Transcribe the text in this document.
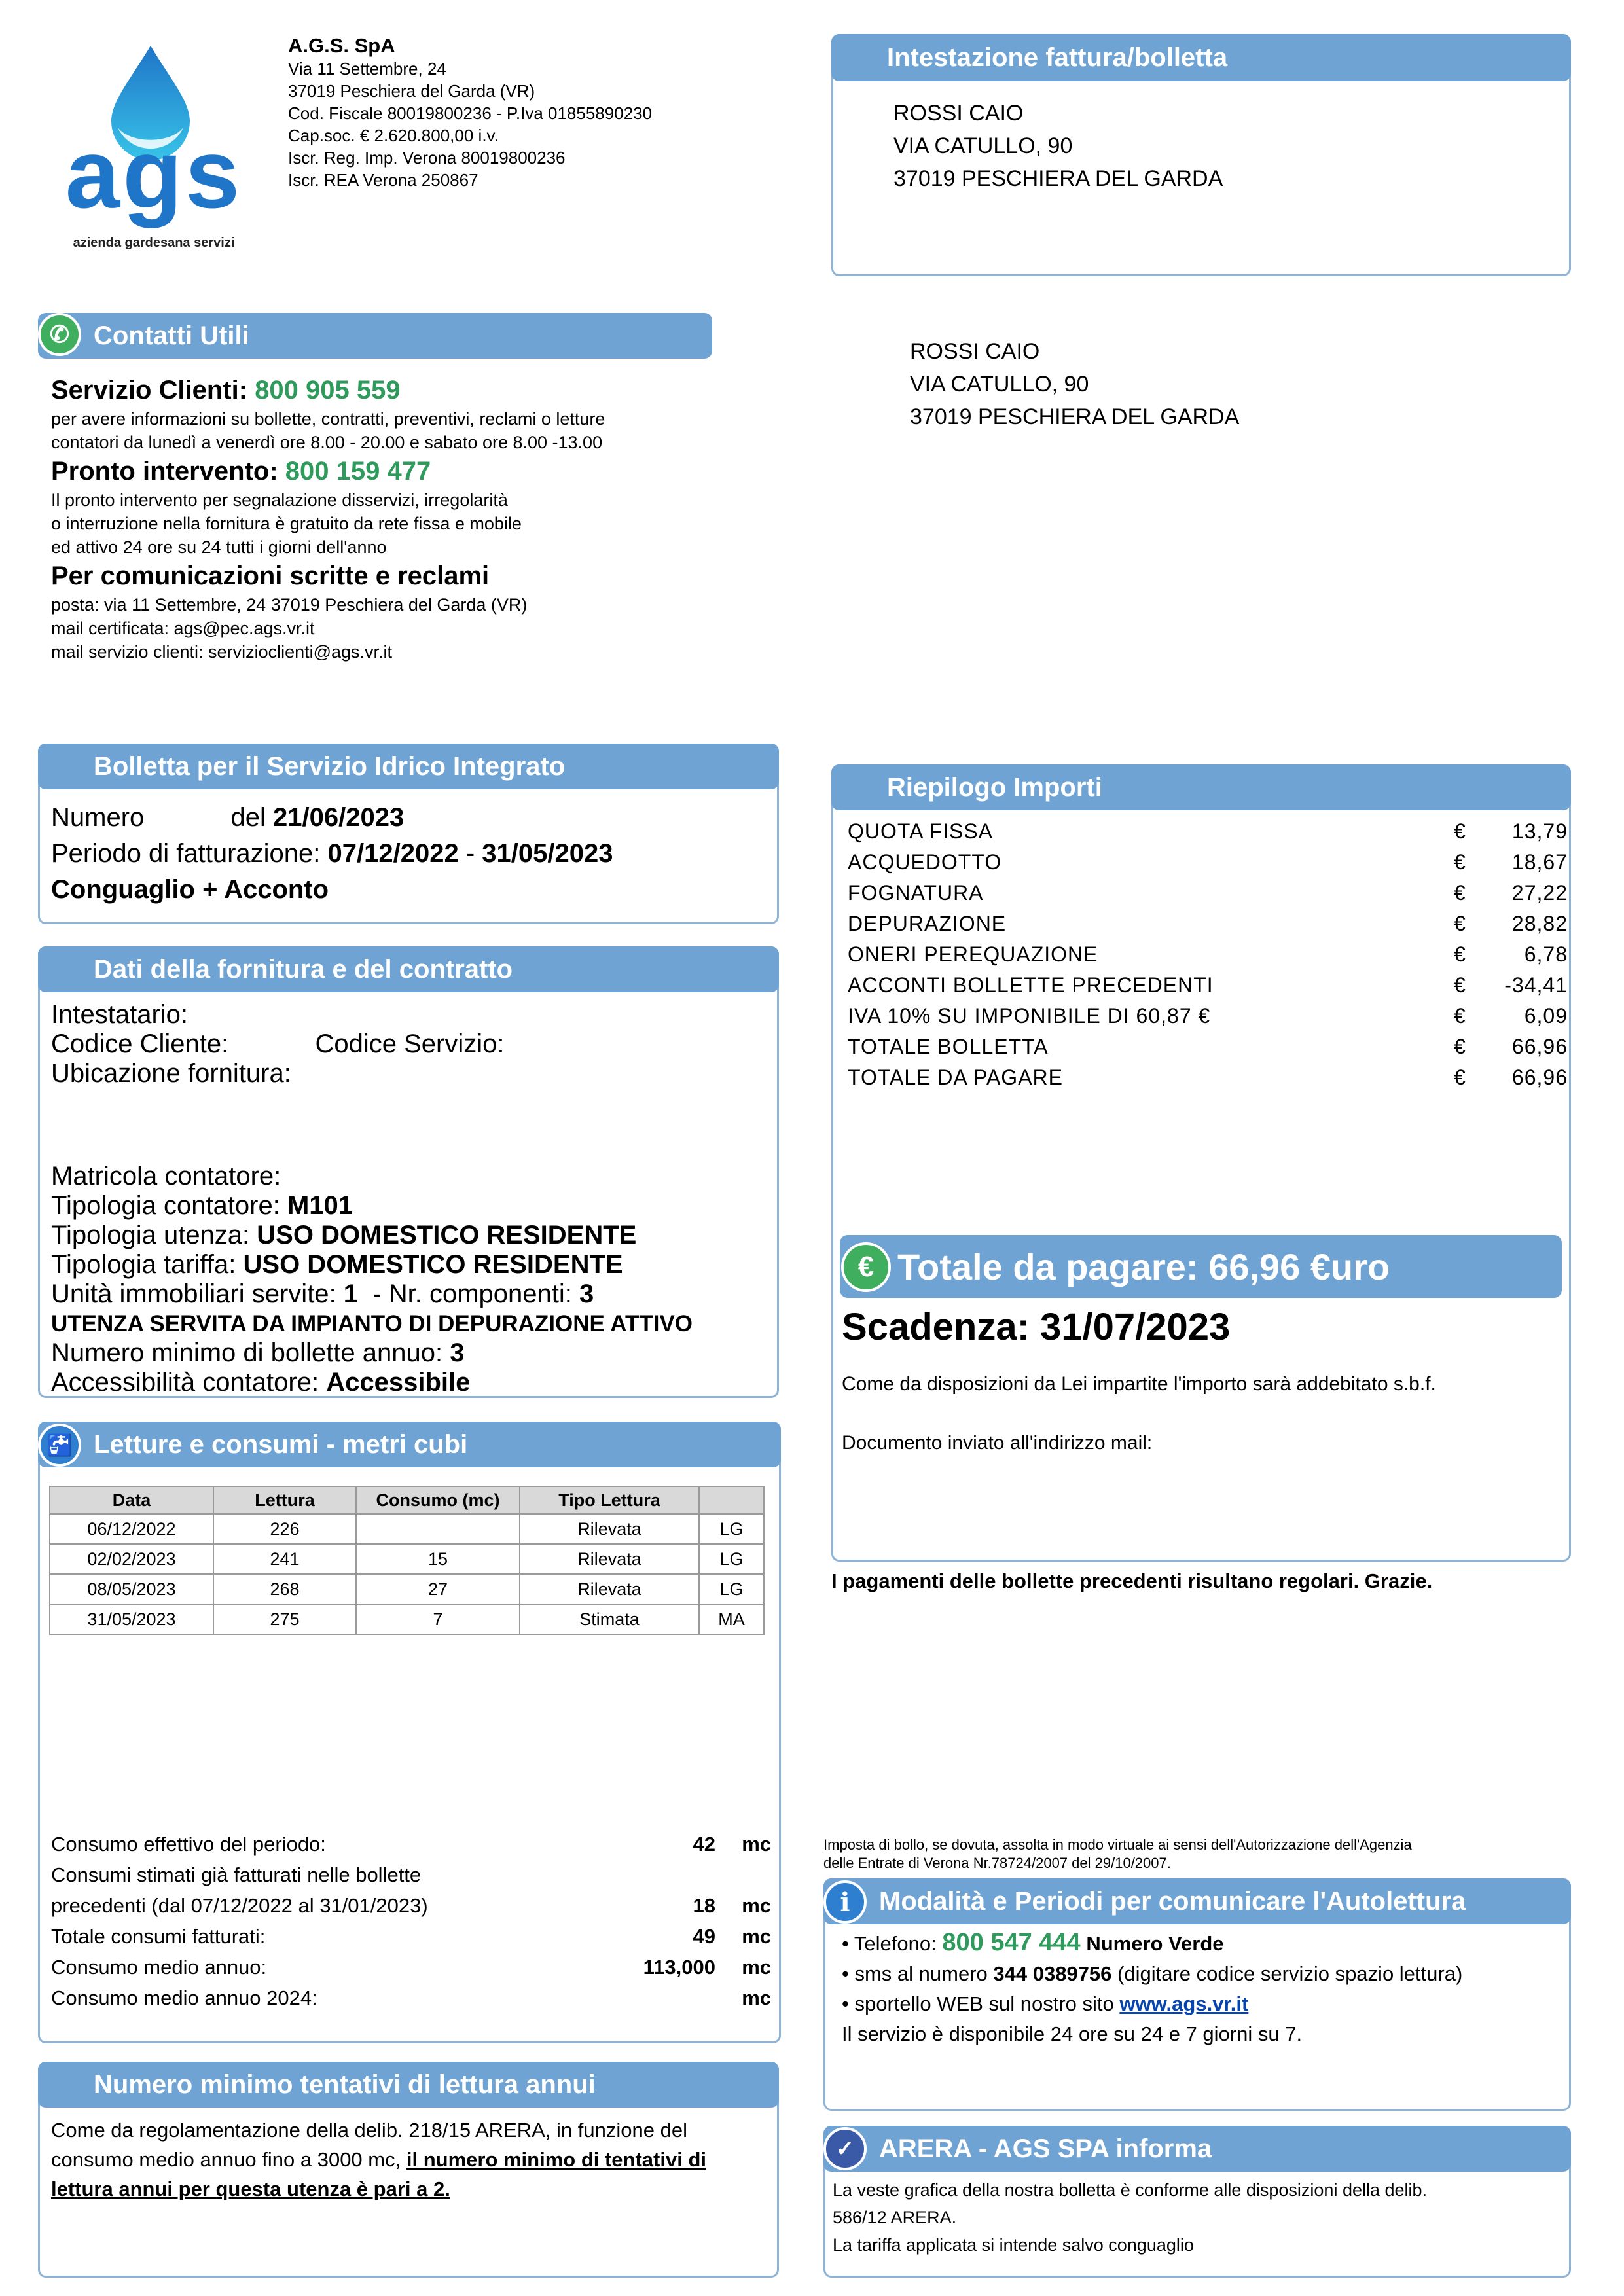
ags
azienda gardesana servizi
A.G.S. SpA
Via 11 Settembre, 24
37019 Peschiera del Garda (VR)
Cod. Fiscale 80019800236 - P.Iva 01855890230
Cap.soc. € 2.620.800,00 i.v.
Iscr. Reg. Imp. Verona 80019800236
Iscr. REA Verona 250867
Intestazione fattura/bolletta
ROSSI CAIO
VIA CATULLO, 90
37019 PESCHIERA DEL GARDA
Contatti Utili
✆
Servizio Clienti: 800 905 559
per avere informazioni su bollette, contratti, preventivi, reclami o letture
contatori da lunedì a venerdì ore 8.00 - 20.00 e sabato ore 8.00 -13.00
Pronto intervento: 800 159 477
Il pronto intervento per segnalazione disservizi, irregolarità
o interruzione nella fornitura è gratuito da rete fissa e mobile
ed attivo 24 ore su 24 tutti i giorni dell'anno
Per comunicazioni scritte e reclami
posta: via 11 Settembre, 24 37019 Peschiera del Garda (VR)
mail certificata: ags@pec.ags.vr.it
mail servizio clienti: servizioclienti@ags.vr.it
ROSSI CAIO
VIA CATULLO, 90
37019 PESCHIERA DEL GARDA
Bolletta per il Servizio Idrico Integrato
Numero	del 21/06/2023
Periodo di fatturazione: 07/12/2022 - 31/05/2023
Conguaglio + Acconto
Dati della fornitura e del contratto
Intestatario:
Codice Cliente:	Codice Servizio:
Ubicazione fornitura:
Matricola contatore:
Tipologia contatore: M101
Tipologia utenza: USO DOMESTICO RESIDENTE
Tipologia tariffa: USO DOMESTICO RESIDENTE
Unità immobiliari servite: 1 - Nr. componenti: 3
UTENZA SERVITA DA IMPIANTO DI DEPURAZIONE ATTIVO
Numero minimo di bollette annuo: 3
Accessibilità contatore: Accessibile
Riepilogo Importi
QUOTA FISSA	€ 13,79
ACQUEDOTTO	€ 18,67
FOGNATURA	€ 27,22
DEPURAZIONE	€ 28,82
ONERI PEREQUAZIONE	€	6,78
ACCONTI BOLLETTE PRECEDENTI	€ -34,41
IVA 10% SU IMPONIBILE DI 60,87 €	€	6,09
TOTALE BOLLETTA	€ 66,96
TOTALE DA PAGARE	€ 66,96
Totale da pagare: 66,96 €uro
€
Scadenza: 31/07/2023
Come da disposizioni da Lei impartite l'importo sarà addebitato s.b.f.
Documento inviato all'indirizzo mail:
I pagamenti delle bollette precedenti risultano regolari. Grazie.
Letture e consumi - metri cubi
🚰
Data	Lettura	Consumo (mc)	Tipo Lettura	
06/12/2022	226		Rilevata	LG
02/02/2023	241	15	Rilevata	LG
08/05/2023	268	27	Rilevata	LG
31/05/2023	275	7	Stimata	MA
Consumo effettivo del periodo:	42 mc
Consumi stimati già fatturati nelle bollette
precedenti (dal 07/12/2022 al 31/01/2023)	18 mc
Totale consumi fatturati:	49 mc
Consumo medio annuo:	113,000 mc
Consumo medio annuo 2024:	mc
Imposta di bollo, se dovuta, assolta in modo virtuale ai sensi dell'Autorizzazione dell'Agenzia
delle Entrate di Verona Nr.78724/2007 del 29/10/2007.
Modalità e Periodi per comunicare l'Autolettura
i
• Telefono: 800 547 444 Numero Verde
• sms al numero 344 0389756 (digitare codice servizio spazio lettura)
• sportello WEB sul nostro sito www.ags.vr.it
Il servizio è disponibile 24 ore su 24 e 7 giorni su 7.
Numero minimo tentativi di lettura annui
Come da regolamentazione della delib. 218/15 ARERA, in funzione del
consumo medio annuo fino a 3000 mc, il numero minimo di tentativi di
lettura annui per questa utenza è pari a 2.
ARERA - AGS SPA informa
✓
La veste grafica della nostra bolletta è conforme alle disposizioni della delib.
586/12 ARERA.
La tariffa applicata si intende salvo conguaglio
